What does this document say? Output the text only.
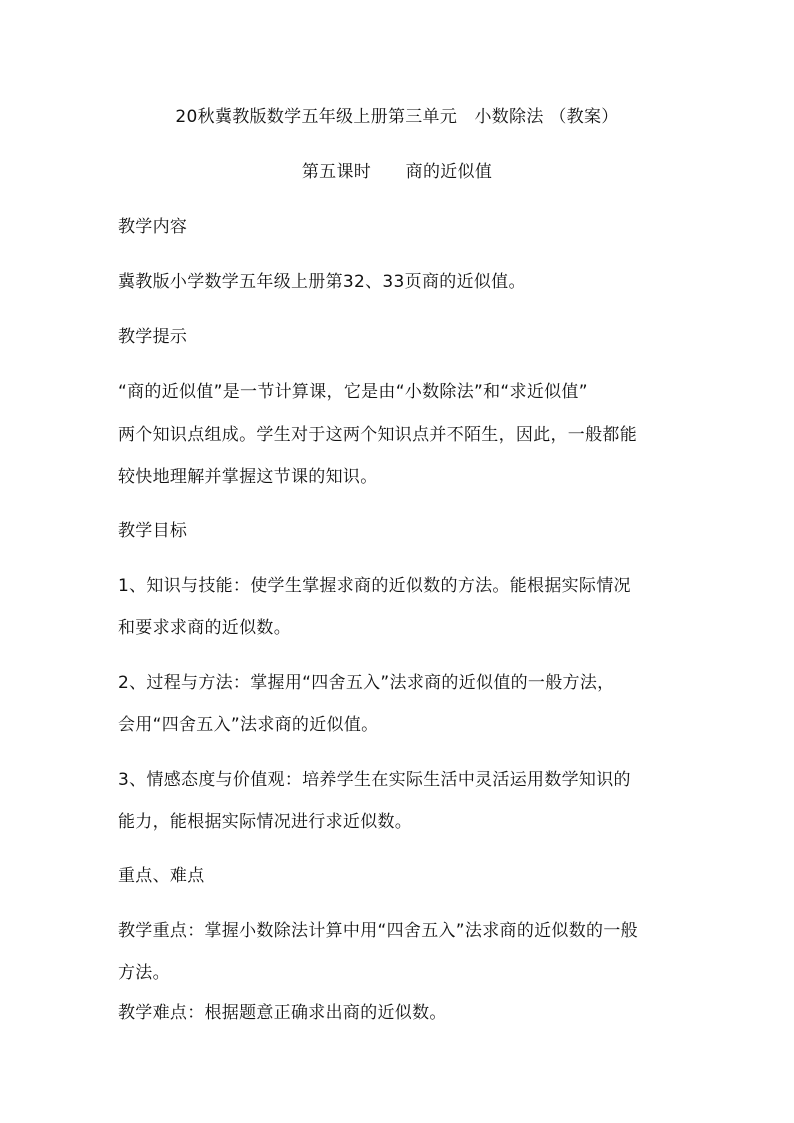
20秋冀教版数学五年级上册第三单元　小数除法 （教案）
第五课时　　商的近似值
教学内容
冀教版小学数学五年级上册第32、33页商的近似值。
教学提示
“商的近似值”是一节计算课，它是由“小数除法”和“求近似值”
两个知识点组成。学生对于这两个知识点并不陌生，因此，一般都能
较快地理解并掌握这节课的知识。
教学目标
1、知识与技能：使学生掌握求商的近似数的方法。能根据实际情况
和要求求商的近似数。
2、过程与方法：掌握用“四舍五入”法求商的近似值的一般方法，
会用“四舍五入”法求商的近似值。
3、情感态度与价值观：培养学生在实际生活中灵活运用数学知识的
能力，能根据实际情况进行求近似数。
重点、难点
教学重点：掌握小数除法计算中用“四舍五入”法求商的近似数的一般
方法。
教学难点：根据题意正确求出商的近似数。
